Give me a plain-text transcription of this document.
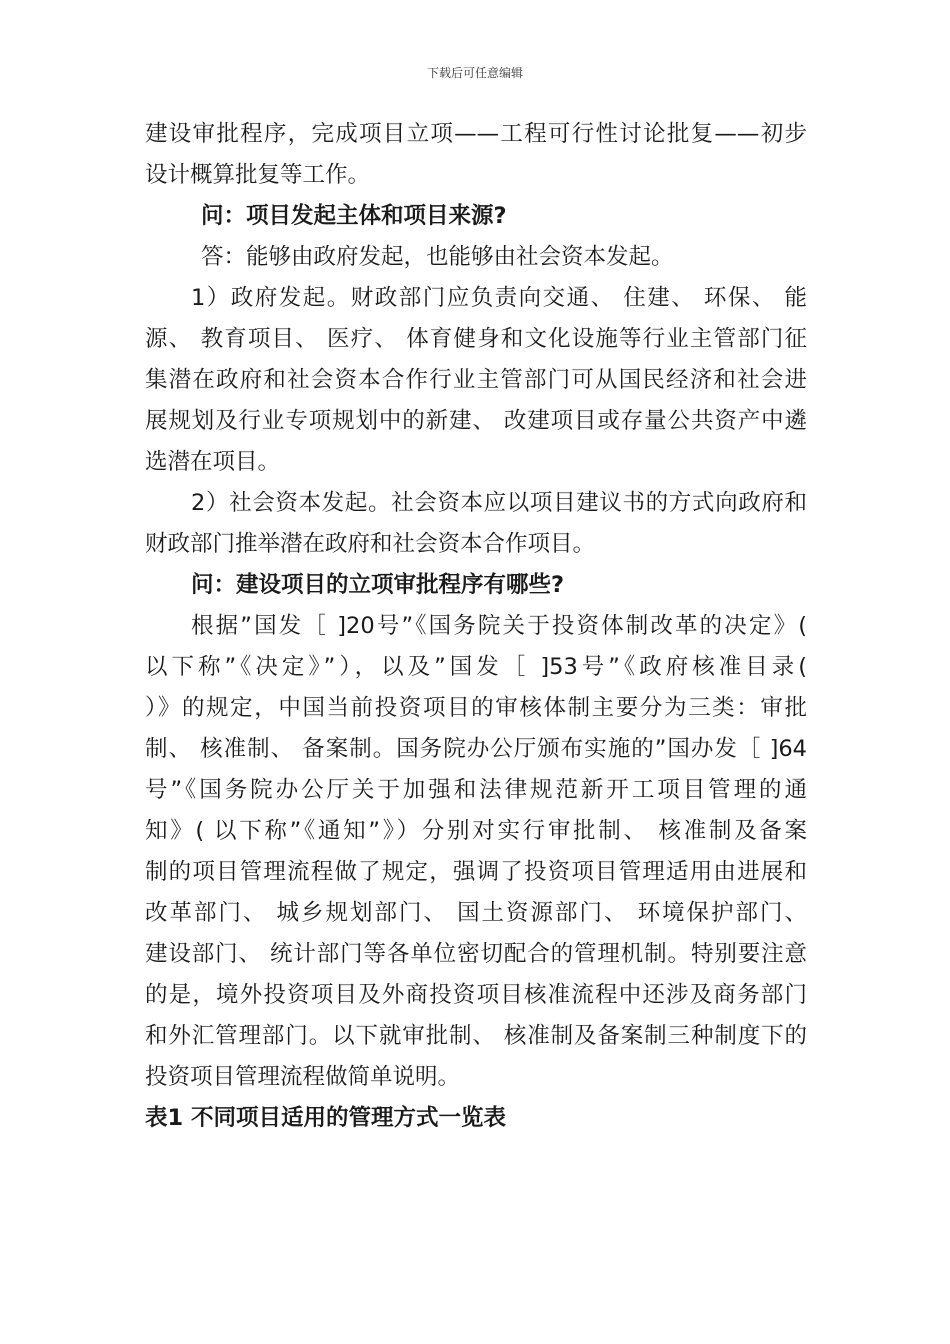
下载后可任意编辑
建设审批程序，完成项目立项——工程可行性讨论批复——初步
设计概算批复等工作。
问：项目发起主体和项目来源?
答：能够由政府发起，也能够由社会资本发起。
1）政府发起。财政部门应负责向交通、 住建、 环保、 能
源、 教育项目、 医疗、 体育健身和文化设施等行业主管部门征
集潜在政府和社会资本合作行业主管部门可从国民经济和社会进
展规划及行业专项规划中的新建、 改建项目或存量公共资产中遴
选潜在项目。
2）社会资本发起。社会资本应以项目建议书的方式向政府和
财政部门推举潜在政府和社会资本合作项目。
问：建设项目的立项审批程序有哪些?
根据”国发［ ]20号”《国务院关于投资体制改革的决定》(
以下称”《决定》”），以及”国发［ ]53号”《政府核准目录(
）》的规定，中国当前投资项目的审核体制主要分为三类：审批
制、 核准制、 备案制。国务院办公厅颁布实施的”国办发［ ]64
号”《国务院办公厅关于加强和法律规范新开工项目管理的通
知》( 以下称”《通知”》）分别对实行审批制、 核准制及备案
制的项目管理流程做了规定，强调了投资项目管理适用由进展和
改革部门、 城乡规划部门、 国土资源部门、 环境保护部门、
建设部门、 统计部门等各单位密切配合的管理机制。特别要注意
的是，境外投资项目及外商投资项目核准流程中还涉及商务部门
和外汇管理部门。以下就审批制、 核准制及备案制三种制度下的
投资项目管理流程做简单说明。
表1 不同项目适用的管理方式一览表
